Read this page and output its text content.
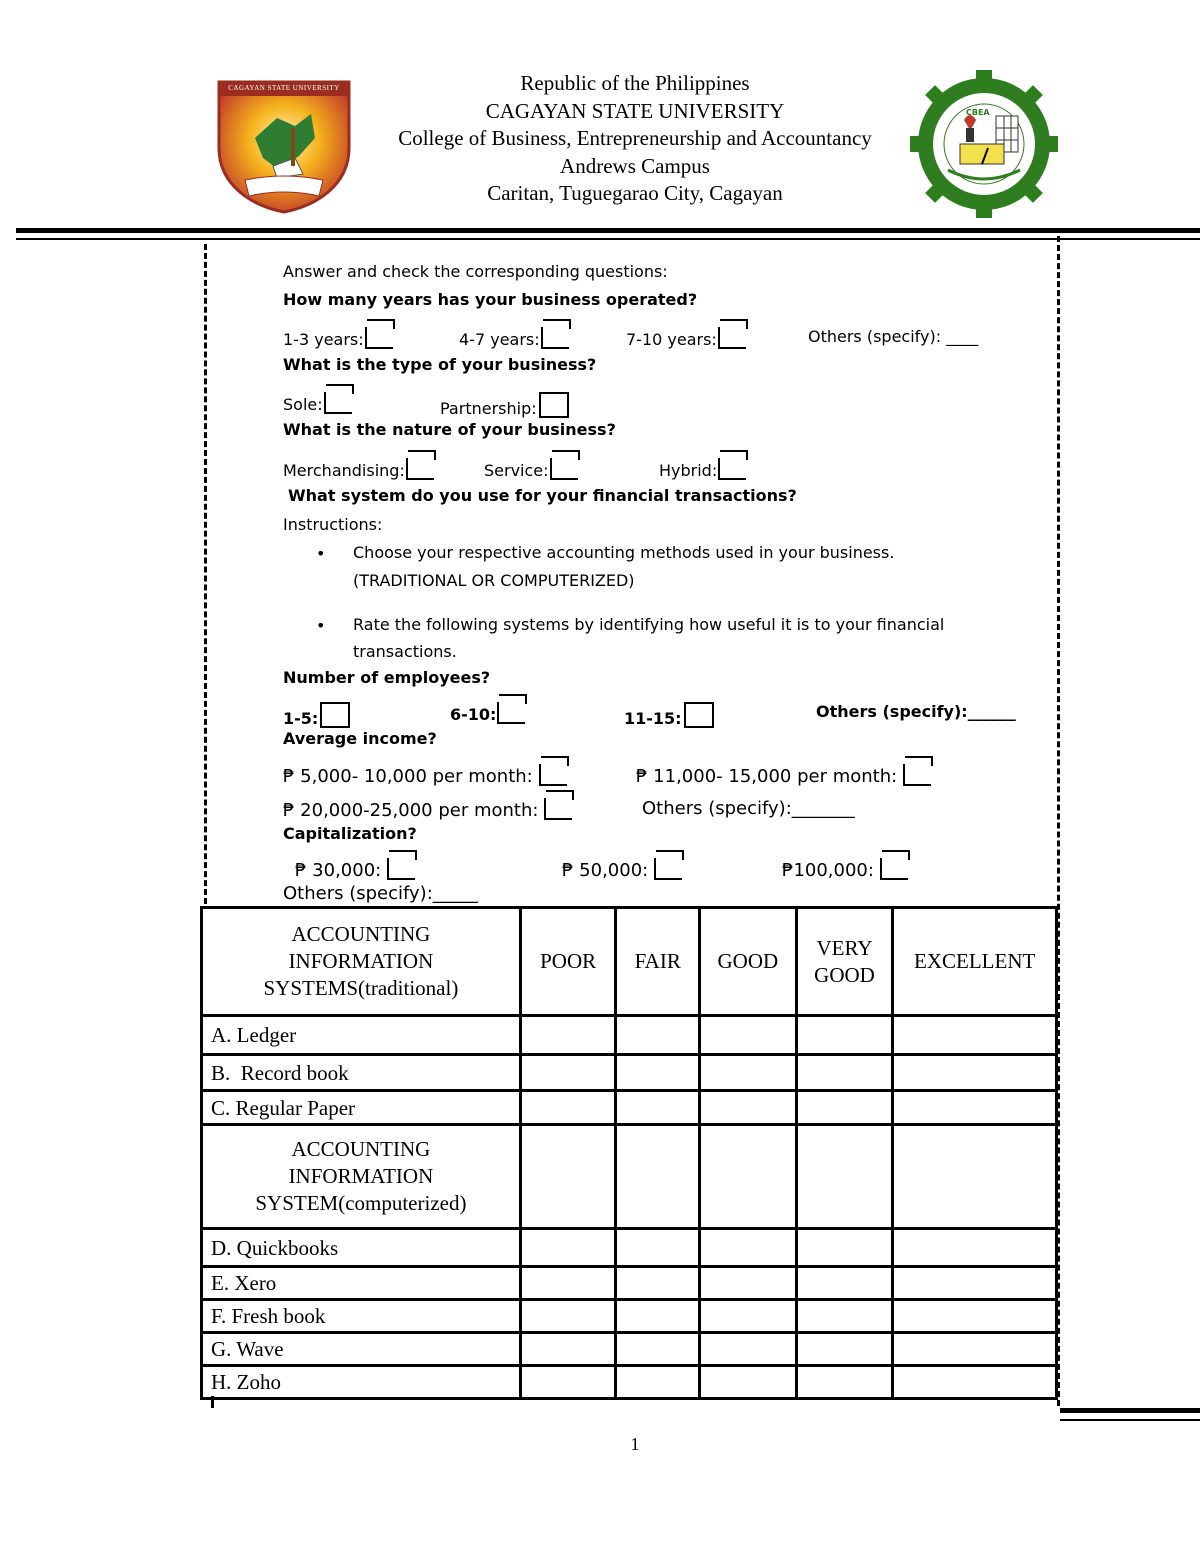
CAGAYAN STATE UNIVERSITY
CBEA
Republic of the Philippines
CAGAYAN STATE UNIVERSITY
College of Business, Entrepreneurship and Accountancy
Andrews Campus
Caritan, Tuguegarao City, Cagayan
Answer and check the corresponding questions:
How many years has your business operated?
1-3 years:	4-7 years:	7-10 years:	Others (specify): ____
What is the type of your business?
Sole:	Partnership:
What is the nature of your business?
Merchandising:	Service:	Hybrid:
What system do you use for your financial transactions?
Instructions:
• Choose your respective accounting methods used in your business.
(TRADITIONAL OR COMPUTERIZED)
• Rate the following systems by identifying how useful it is to your financial
transactions.
Number of employees?
1-5:	6-10:	11-15:	Others (specify):______
Average income?
₱ 5,000- 10,000 per month:	₱ 11,000- 15,000 per month:
₱ 20,000-25,000 per month:	Others (specify):_______
Capitalization?
₱ 30,000:	₱ 50,000:	₱100,000:
Others (specify):_____
ACCOUNTING
INFORMATION
SYSTEMS(traditional)	POOR	FAIR	GOOD	VERY GOOD	EXCELLENT
A. Ledger					
B.  Record book					
C. Regular Paper					

ACCOUNTING
INFORMATION
SYSTEM(computerized)					

D. Quickbooks					
E. Xero					
F. Fresh book					
G. Wave					
H. Zoho					
1
